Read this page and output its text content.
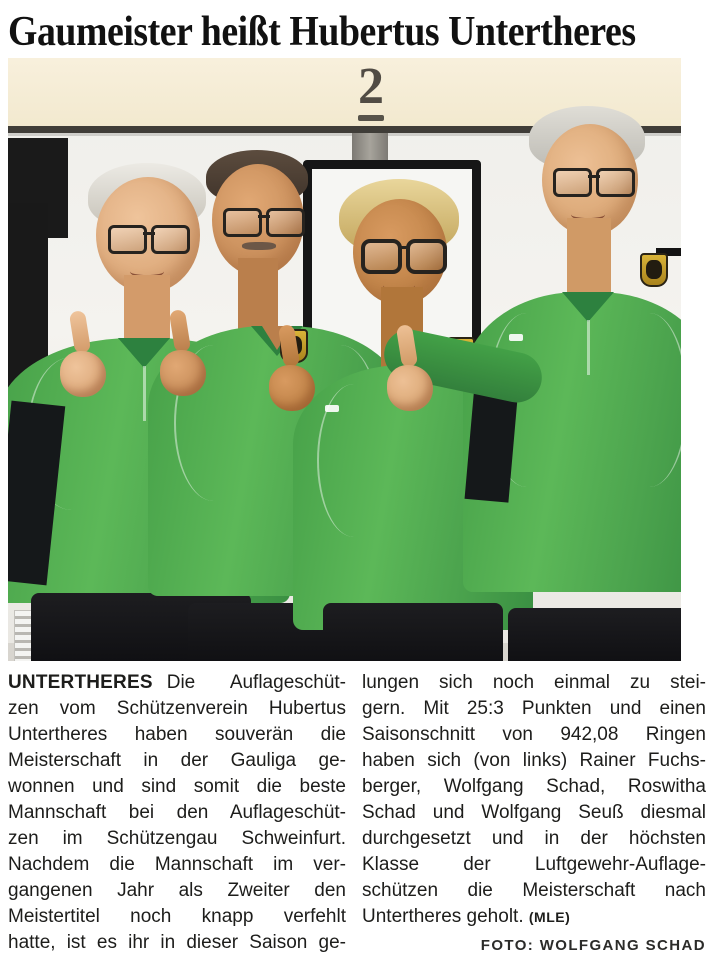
Gaumeister heißt Hubertus Untertheres
2
UNTERTHERES Die Auflageschüt-
zen vom Schützenverein Hubertus
Untertheres haben souverän die
Meisterschaft in der Gauliga ge-
wonnen und sind somit die beste
Mannschaft bei den Auflageschüt-
zen im Schützengau Schweinfurt.
Nachdem die Mannschaft im ver-
gangenen Jahr als Zweiter den
Meistertitel noch knapp verfehlt
hatte, ist es ihr in dieser Saison ge-
lungen sich noch einmal zu stei-
gern. Mit 25:3 Punkten und einen
Saisonschnitt von 942,08 Ringen
haben sich (von links) Rainer Fuchs-
berger, Wolfgang Schad, Roswitha
Schad und Wolfgang Seuß diesmal
durchgesetzt und in der höchsten
Klasse der Luftgewehr-Auflage-
schützen die Meisterschaft nach
Untertheres geholt. (MLE)
FOTO: WOLFGANG SCHAD
